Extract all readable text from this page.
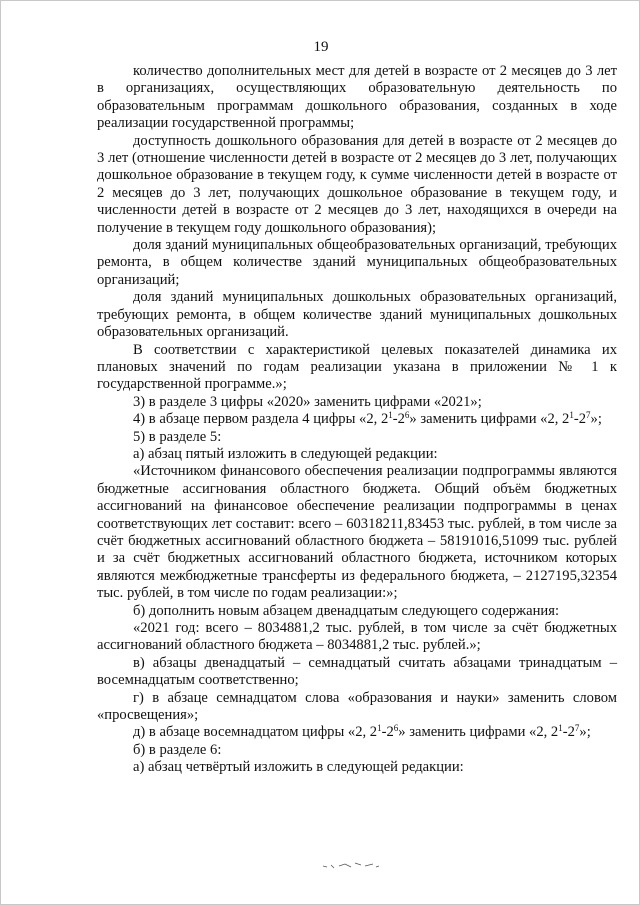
19

количество дополнительных мест для детей в возрасте от 2 месяцев до 3 лет в организациях, осуществляющих образовательную деятельность по образовательным программам дошкольного образования, созданных в ходе реализации государственной программы;

доступность дошкольного образования для детей в возрасте от 2 месяцев до 3 лет (отношение численности детей в возрасте от 2 месяцев до 3 лет, получающих дошкольное образование в текущем году, к сумме численности детей в возрасте от 2 месяцев до 3 лет, получающих дошкольное образование в текущем году, и численности детей в возрасте от 2 месяцев до 3 лет, находящихся в очереди на получение в текущем году дошкольного образования);

доля зданий муниципальных общеобразовательных организаций, требующих ремонта, в общем количестве зданий муниципальных общеобразовательных организаций;

доля зданий муниципальных дошкольных образовательных организаций, требующих ремонта, в общем количестве зданий муниципальных дошкольных образовательных организаций.

В соответствии с характеристикой целевых показателей динамика их плановых значений по годам реализации указана в приложении № 1 к государственной программе.»;

3) в разделе 3 цифры «2020» заменить цифрами «2021»;

4) в абзаце первом раздела 4 цифры «2, $2^1-2^6$» заменить цифрами «2, $2^1-2^7$»;

5) в разделе 5:

а) абзац пятый изложить в следующей редакции:

«Источником финансового обеспечения реализации подпрограммы являются бюджетные ассигнования областного бюджета. Общий объём бюджетных ассигнований на финансовое обеспечение реализации подпрограммы в ценах соответствующих лет составит: всего – 60318211,83453 тыс. рублей, в том числе за счёт бюджетных ассигнований областного бюджета – 58191016,51099 тыс. рублей и за счёт бюджетных ассигнований областного бюджета, источником которых являются межбюджетные трансферты из федерального бюджета, – 2127195,32354 тыс. рублей, в том числе по годам реализации:»;

б) дополнить новым абзацем двенадцатым следующего содержания:

«2021 год: всего – 8034881,2 тыс. рублей, в том числе за счёт бюджетных ассигнований областного бюджета – 8034881,2 тыс. рублей.»;

в) абзацы двенадцатый – семнадцатый считать абзацами тринадцатым – восемнадцатым соответственно;

г) в абзаце семнадцатом слова «образования и науки» заменить словом «просвещения»;

д) в абзаце восемнадцатом цифры «2, $2^1-2^6$» заменить цифрами «2, $2^1-2^7$»;

б) в разделе 6:

а) абзац четвёртый изложить в следующей редакции:
